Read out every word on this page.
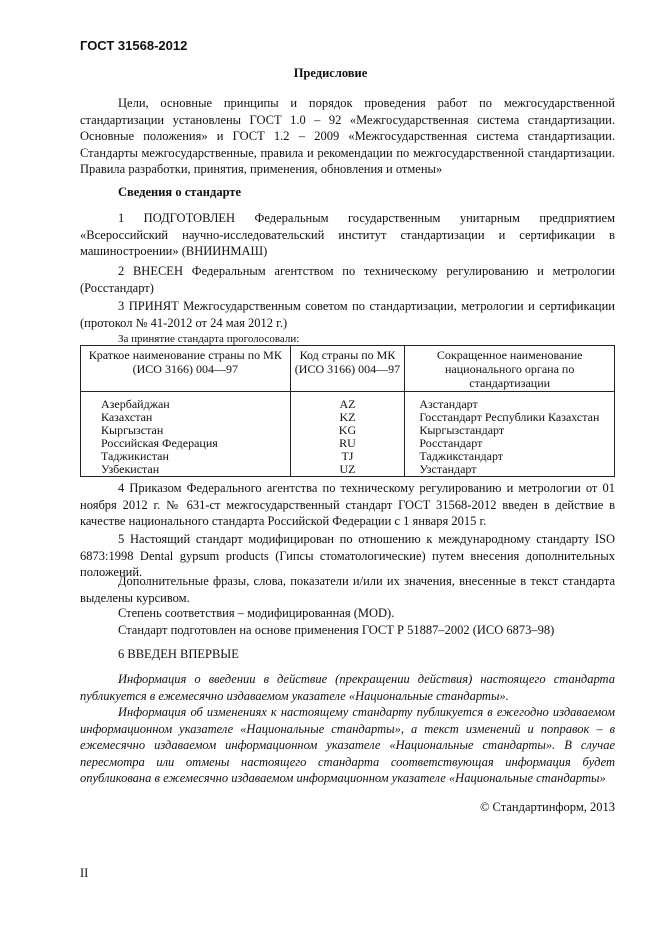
ГОСТ 31568-2012
Предисловие

Цели, основные принципы и порядок проведения работ по межгосударственной стандартизации установлены ГОСТ 1.0 – 92 «Межгосударственная система стандартизации. Основные положения» и ГОСТ 1.2 – 2009 «Межгосударственная система стандартизации. Стандарты межгосударственные, правила и рекомендации по межгосударственной стандартизации. Правила разработки, принятия, применения, обновления и отмены»

Сведения о стандарте

1 ПОДГОТОВЛЕН Федеральным государственным унитарным предприятием «Всероссийский научно-исследовательский институт стандартизации и сертификации в машиностроении» (ВНИИНМАШ)

2 ВНЕСЕН Федеральным агентством по техническому регулированию и метрологии (Росстандарт)

3 ПРИНЯТ Межгосударственным советом по стандартизации, метрологии и сертификации (протокол № 41-2012 от 24 мая 2012 г.)

За принятие стандарта проголосовали:
Краткое наименование страны по МК (ИСО 3166) 004—97	Код страны по МК (ИСО 3166) 004—97	Сокращенное наименование национального органа по стандартизации
Азербайджан	AZ	Азстандарт
Казахстан	KZ	Госстандарт Республики Казахстан
Кыргызстан	KG	Кыргызстандарт
Российская Федерация	RU	Росстандарт
Таджикистан	TJ	Таджикстандарт
Узбекистан	UZ	Узстандарт

4 Приказом Федерального агентства по техническому регулированию и метрологии от 01 ноября 2012 г. № 631-ст межгосударственный стандарт ГОСТ 31568-2012 введен в действие в качестве национального стандарта Российской Федерации с 1 января 2015 г.

5 Настоящий стандарт модифицирован по отношению к международному стандарту ISO 6873:1998 Dental gypsum products (Гипсы стоматологические) путем внесения дополнительных положений.

Дополнительные фразы, слова, показатели и/или их значения, внесенные в текст стандарта выделены курсивом.

Степень соответствия – модифицированная (MOD).

Стандарт подготовлен на основе применения ГОСТ Р 51887–2002 (ИСО 6873–98)

6 ВВЕДЕН ВПЕРВЫЕ

Информация о введении в действие (прекращении действия) настоящего стандарта публикуется в ежемесячно издаваемом указателе «Национальные стандарты».

Информация об изменениях к настоящему стандарту публикуется в ежегодно издаваемом информационном указателе «Национальные стандарты», а текст изменений и поправок – в ежемесячно издаваемом информационном указателе «Национальные стандарты». В случае пересмотра или отмены настоящего стандарта соответствующая информация будет опубликована в ежемесячно издаваемом информационном указателе «Национальные стандарты»

© Стандартинформ, 2013
II
